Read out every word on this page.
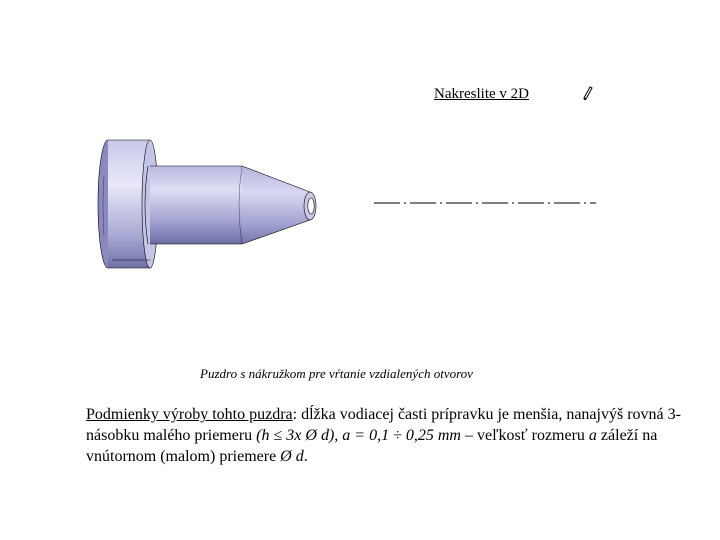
Nakreslite v 2D
Puzdro s nákružkom pre vŕtanie vzdialených otvorov
Podmienky výroby tohto puzdra: dĺžka vodiacej časti prípravku je menšia, nanajvýš rovná 3-násobku malého priemeru (h ≤ 3x Ø d), a = 0,1 ÷ 0,25 mm – veľkosť rozmeru a záleží na vnútornom (malom) priemere Ø d.
